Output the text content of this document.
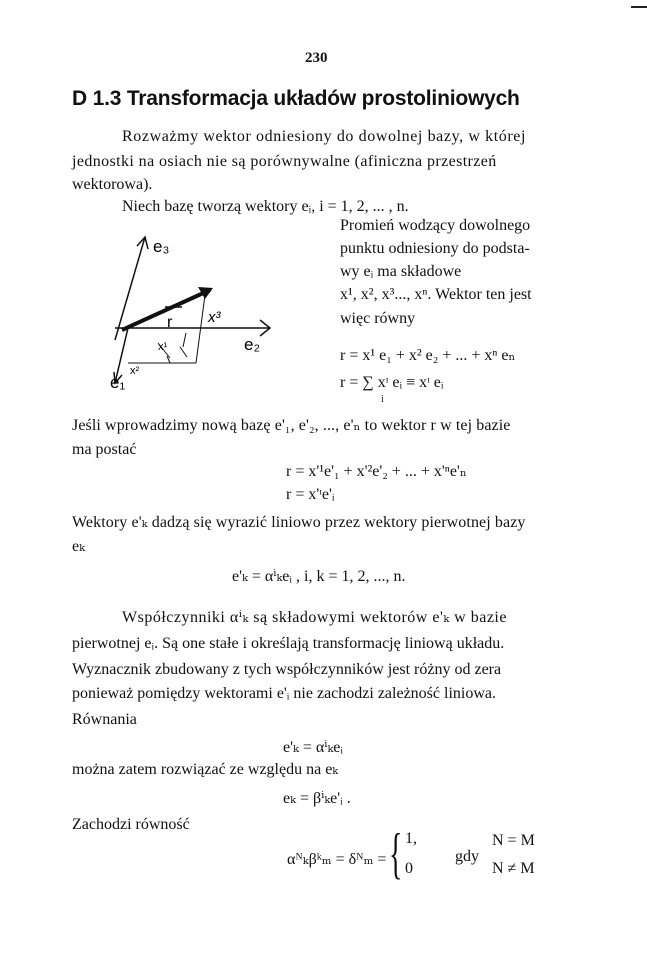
230
D 1.3 Transformacja układów prostoliniowych
Rozważmy wektor odniesiony do dowolnej bazy, w której
jednostki na osiach nie są porównywalne (afiniczna przestrzeń
wektorowa).
Niech bazę tworzą wektory eᵢ, i = 1, 2, ... , n.
Promień wodzący dowolnego
punktu odniesiony do podsta-
wy eᵢ ma składowe
x¹, x², x³..., xⁿ. Wektor ten jest
więc równy
r = x¹ e₁ + x² e₂ + ... + xⁿ eₙ
r = ∑ xᶦ eᵢ ≡ xᶦ eᵢ
i
e₃
r x³
x¹
x²
e₂
e₁
Jeśli wprowadzimy nową bazę e'₁, e'₂, ..., e'ₙ to wektor r w tej bazie
ma postać
r = x'¹e'₁ + x'²e'₂ + ... + x'ⁿe'ₙ
r = x'ᶦe'ᵢ
Wektory e'ₖ dadzą się wyrazić liniowo przez wektory pierwotnej bazy
eₖ
e'ₖ = αⁱₖeᵢ , i, k = 1, 2, ..., n.
Współczynniki αⁱₖ są składowymi wektorów e'ₖ w bazie
pierwotnej eᵢ. Są one stałe i określają transformację liniową układu.
Wyznacznik zbudowany z tych współczynników jest różny od zera
ponieważ pomiędzy wektorami e'ᵢ nie zachodzi zależność liniowa.
Równania
e'ₖ = αⁱₖeᵢ
można zatem rozwiązać ze względu na eₖ
eₖ = βⁱₖe'ᵢ .
Zachodzi równość
αᴺₖβᵏₘ = δᴺₘ = { 1,
0
gdy
N = M
N ≠ M
